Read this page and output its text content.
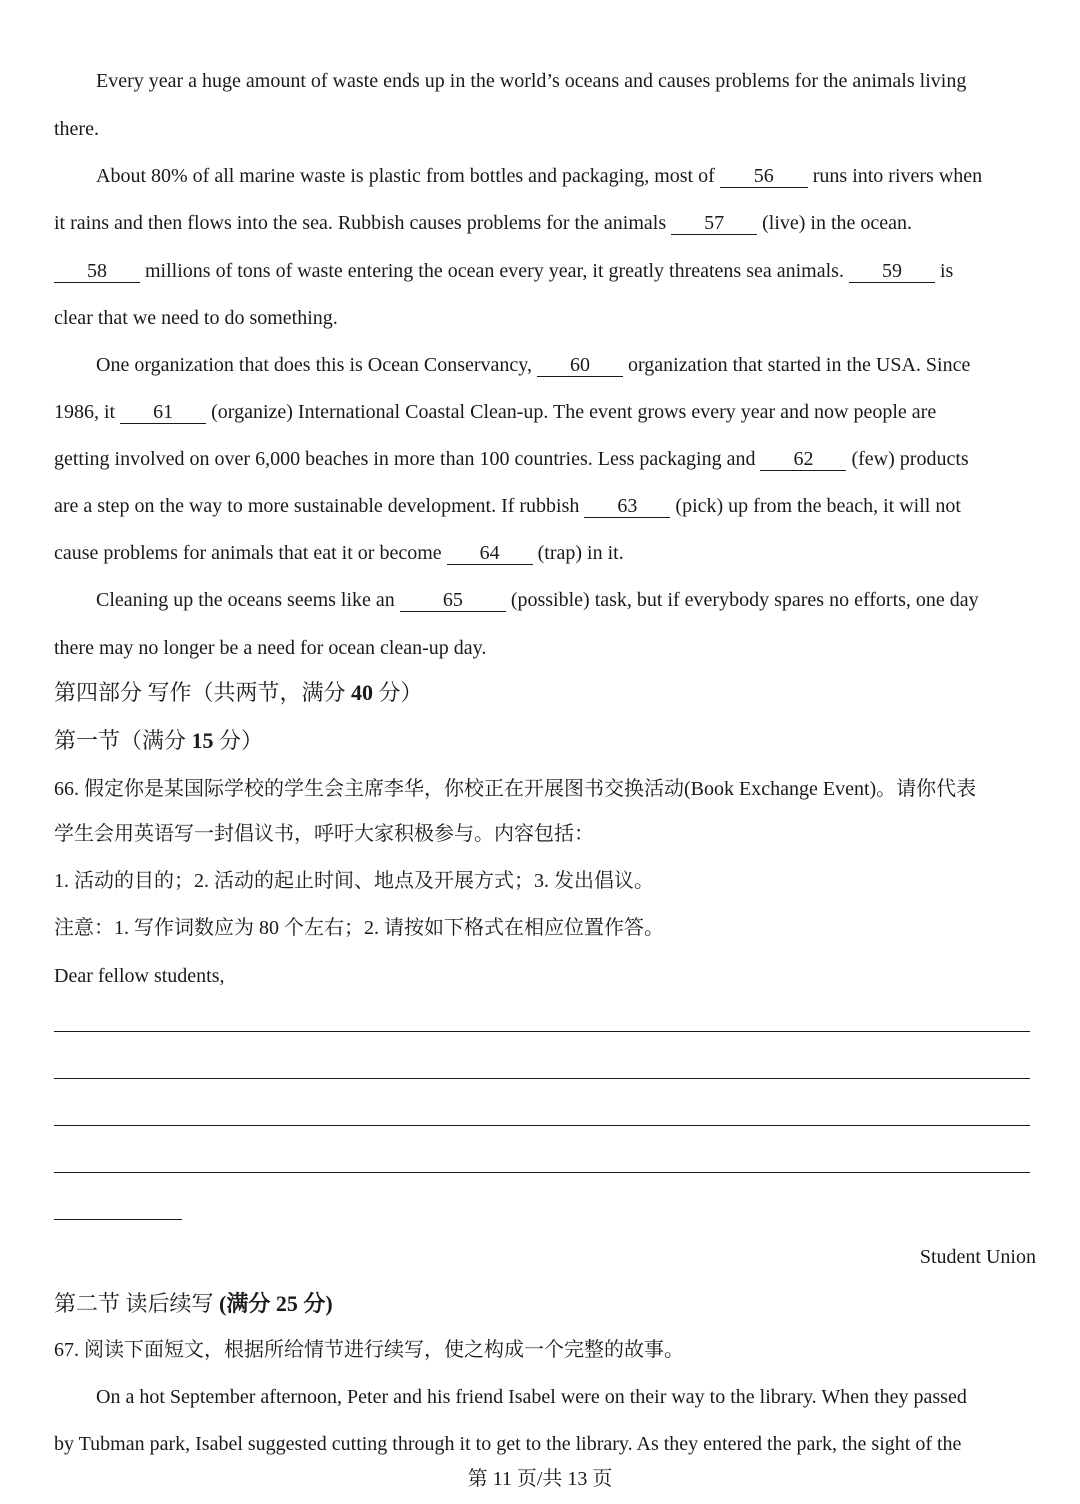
Every year a huge amount of waste ends up in the world’s oceans and causes problems for the animals living
there.
About 80% of all marine waste is plastic from bottles and packaging, most of 56 runs into rivers when
it rains and then flows into the sea. Rubbish causes problems for the animals 57 (live) in the ocean.
58 millions of tons of waste entering the ocean every year, it greatly threatens sea animals. 59 is
clear that we need to do something.
One organization that does this is Ocean Conservancy, 60 organization that started in the USA. Since
1986, it 61 (organize) International Coastal Clean-up. The event grows every year and now people are
getting involved on over 6,000 beaches in more than 100 countries. Less packaging and 62 (few) products
are a step on the way to more sustainable development. If rubbish 63 (pick) up from the beach, it will not
cause problems for animals that eat it or become 64 (trap) in it.
Cleaning up the oceans seems like an 65 (possible) task, but if everybody spares no efforts, one day
there may no longer be a need for ocean clean-up day.
第四部分 写作（共两节，满分 40 分）
第一节（满分 15 分）
66. 假定你是某国际学校的学生会主席李华，你校正在开展图书交换活动(Book Exchange Event)。请你代表
学生会用英语写一封倡议书，呼吁大家积极参与。内容包括：
1. 活动的目的；2. 活动的起止时间、地点及开展方式；3. 发出倡议。
注意：1. 写作词数应为 80 个左右；2. 请按如下格式在相应位置作答。
Dear fellow students,
Student Union
第二节 读后续写 (满分 25 分)
67. 阅读下面短文，根据所给情节进行续写，使之构成一个完整的故事。
On a hot September afternoon, Peter and his friend Isabel were on their way to the library. When they passed
by Tubman park, Isabel suggested cutting through it to get to the library. As they entered the park, the sight of the
第 11 页/共 13 页
